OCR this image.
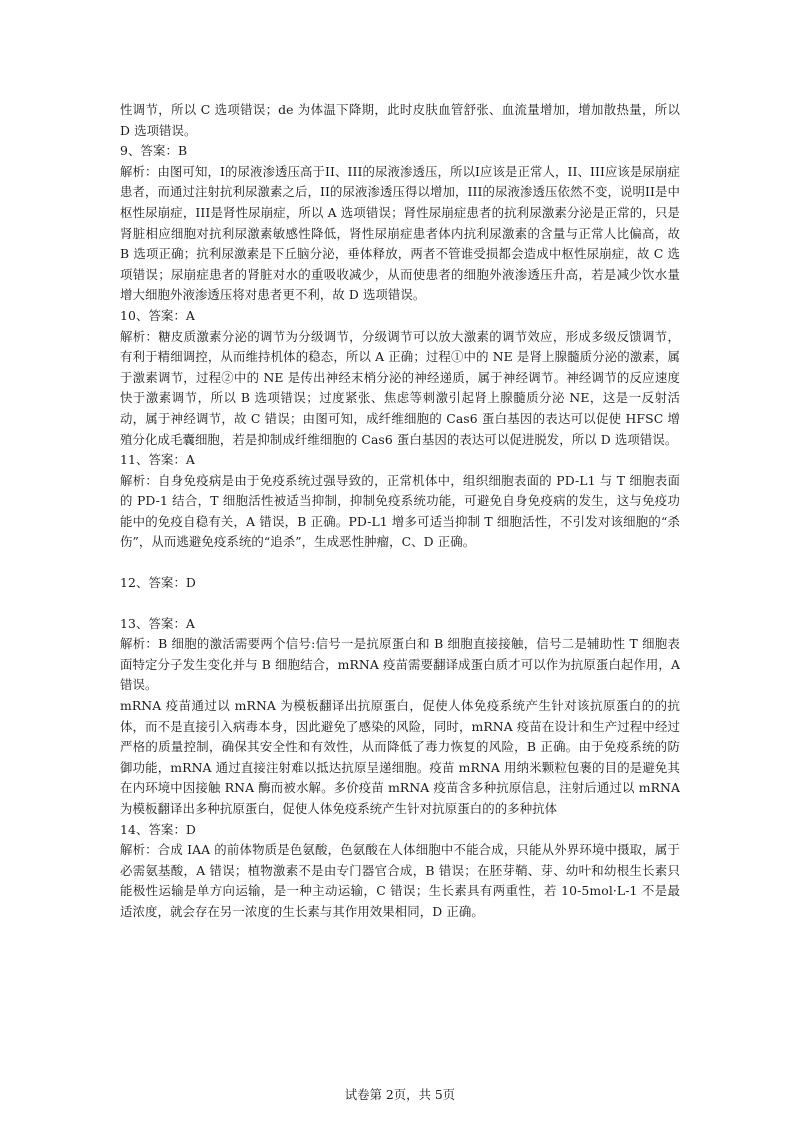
性调节，所以 C 选项错误；de 为体温下降期，此时皮肤血管舒张、血流量增加，增加散热量，所以 D 选项错误。

9、答案：B

解析：由图可知，I的尿液渗透压高于II、III的尿液渗透压，所以I应该是正常人，II、III应该是尿崩症患者，而通过注射抗利尿激素之后，II的尿液渗透压得以增加，III的尿液渗透压依然不变，说明II是中枢性尿崩症，III是肾性尿崩症，所以 A 选项错误；肾性尿崩症患者的抗利尿激素分泌是正常的，只是肾脏相应细胞对抗利尿激素敏感性降低，肾性尿崩症患者体内抗利尿激素的含量与正常人比偏高，故 B 选项正确；抗利尿激素是下丘脑分泌，垂体释放，两者不管谁受损都会造成中枢性尿崩症，故 C 选项错误；尿崩症患者的肾脏对水的重吸收减少，从而使患者的细胞外液渗透压升高，若是减少饮水量增大细胞外液渗透压将对患者更不利，故 D 选项错误。

10、答案：A

解析：糖皮质激素分泌的调节为分级调节，分级调节可以放大激素的调节效应，形成多级反馈调节，有利于精细调控，从而维持机体的稳态，所以 A 正确；过程①中的 NE 是肾上腺髓质分泌的激素，属于激素调节，过程②中的 NE 是传出神经末梢分泌的神经递质，属于神经调节。神经调节的反应速度快于激素调节，所以 B 选项错误；过度紧张、焦虑等刺激引起肾上腺髓质分泌 NE，这是一反射活动，属于神经调节，故 C 错误；由图可知，成纤维细胞的 Cas6 蛋白基因的表达可以促使 HFSC 增殖分化成毛囊细胞，若是抑制成纤维细胞的 Cas6 蛋白基因的表达可以促进脱发，所以 D 选项错误。

11、答案：A

解析：自身免疫病是由于免疫系统过强导致的，正常机体中，组织细胞表面的 PD-L1 与 T 细胞表面的 PD-1 结合，T 细胞活性被适当抑制，抑制免疫系统功能，可避免自身免疫病的发生，这与免疫功能中的免疫自稳有关，A 错误，B 正确。PD-L1 增多可适当抑制 T 细胞活性，不引发对该细胞的“杀伤”，从而逃避免疫系统的“追杀”，生成恶性肿瘤，C、D 正确。

12、答案：D

13、答案：A

解析：B 细胞的激活需要两个信号:信号一是抗原蛋白和 B 细胞直接接触，信号二是辅助性 T 细胞表面特定分子发生变化并与 B 细胞结合，mRNA 疫苗需要翻译成蛋白质才可以作为抗原蛋白起作用，A 错误。

mRNA 疫苗通过以 mRNA 为模板翻译出抗原蛋白，促使人体免疫系统产生针对该抗原蛋白的的抗体，而不是直接引入病毒本身，因此避免了感染的风险，同时，mRNA 疫苗在设计和生产过程中经过严格的质量控制，确保其安全性和有效性，从而降低了毒力恢复的风险，B 正确。由于免疫系统的防御功能，mRNA 通过直接注射难以抵达抗原呈递细胞。疫苗 mRNA 用纳米颗粒包裹的目的是避免其在内环境中因接触 RNA 酶而被水解。多价疫苗 mRNA 疫苗含多种抗原信息，注射后通过以 mRNA 为模板翻译出多种抗原蛋白，促使人体免疫系统产生针对抗原蛋白的的多种抗体

14、答案：D

解析：合成 IAA 的前体物质是色氨酸，色氨酸在人体细胞中不能合成，只能从外界环境中摄取，属于必需氨基酸，A 错误；植物激素不是由专门器官合成，B 错误；在胚芽鞘、芽、幼叶和幼根生长素只能极性运输是单方向运输，是一种主动运输，C 错误；生长素具有两重性，若 10-5mol·L-1 不是最适浓度，就会存在另一浓度的生长素与其作用效果相同，D 正确。

试卷第 2页，共 5页
